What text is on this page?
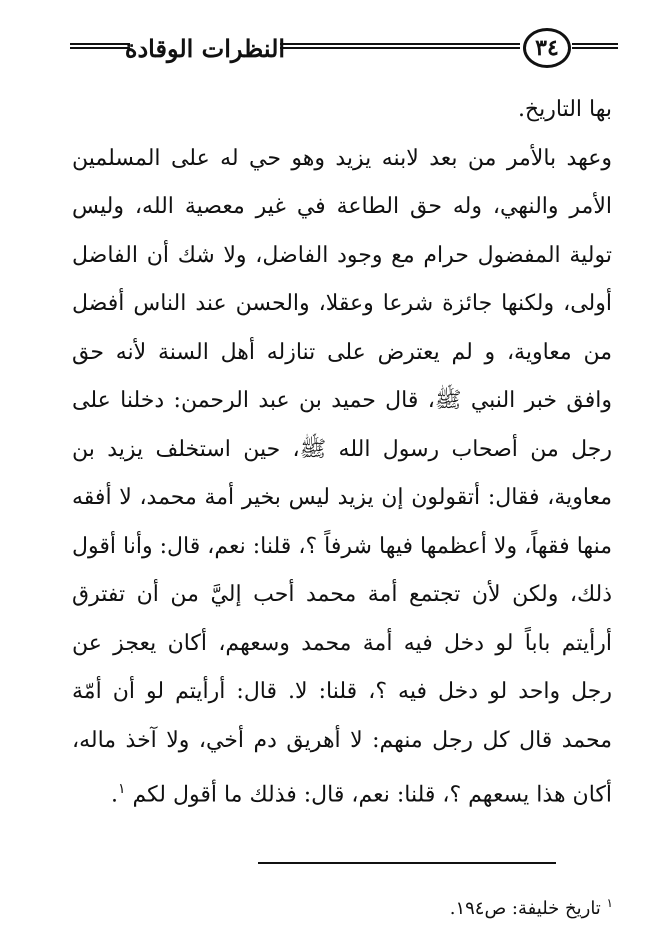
٣٤
النظرات الوقادة

بها التاريخ.

وعهد بالأمر من بعد لابنه يزيد وهو حي له على المسلمين الأمر والنهي، وله حق الطاعة في غير معصية الله، وليس تولية المفضول حرام مع وجود الفاضل، ولا شك أن الفاضل أولى، ولكنها جائزة شرعا وعقلا، والحسن عند الناس أفضل من معاوية، و لم يعترض على تنازله أهل السنة لأنه حق وافق خبر النبي ﷺ، قال حميد بن عبد الرحمن: دخلنا على رجل من أصحاب رسول الله ﷺ، حين استخلف يزيد بن معاوية، فقال: أتقولون إن يزيد ليس بخير أمة محمد، لا أفقه منها فقهاً، ولا أعظمها فيها شرفاً ؟، قلنا: نعم، قال: وأنا أقول ذلك، ولكن لأن تجتمع أمة محمد أحب إليَّ من أن تفترق أرأيتم باباً لو دخل فيه أمة محمد وسعهم، أكان يعجز عن رجل واحد لو دخل فيه ؟، قلنا: لا. قال: أرأيتم لو أن أمّة محمد قال كل رجل منهم: لا أهريق دم أخي، ولا آخذ ماله، أكان هذا يسعهم ؟، قلنا: نعم، قال: فذلك ما أقول لكم $^١$.

$^١$ تاريخ خليفة: ص١٩٤.
